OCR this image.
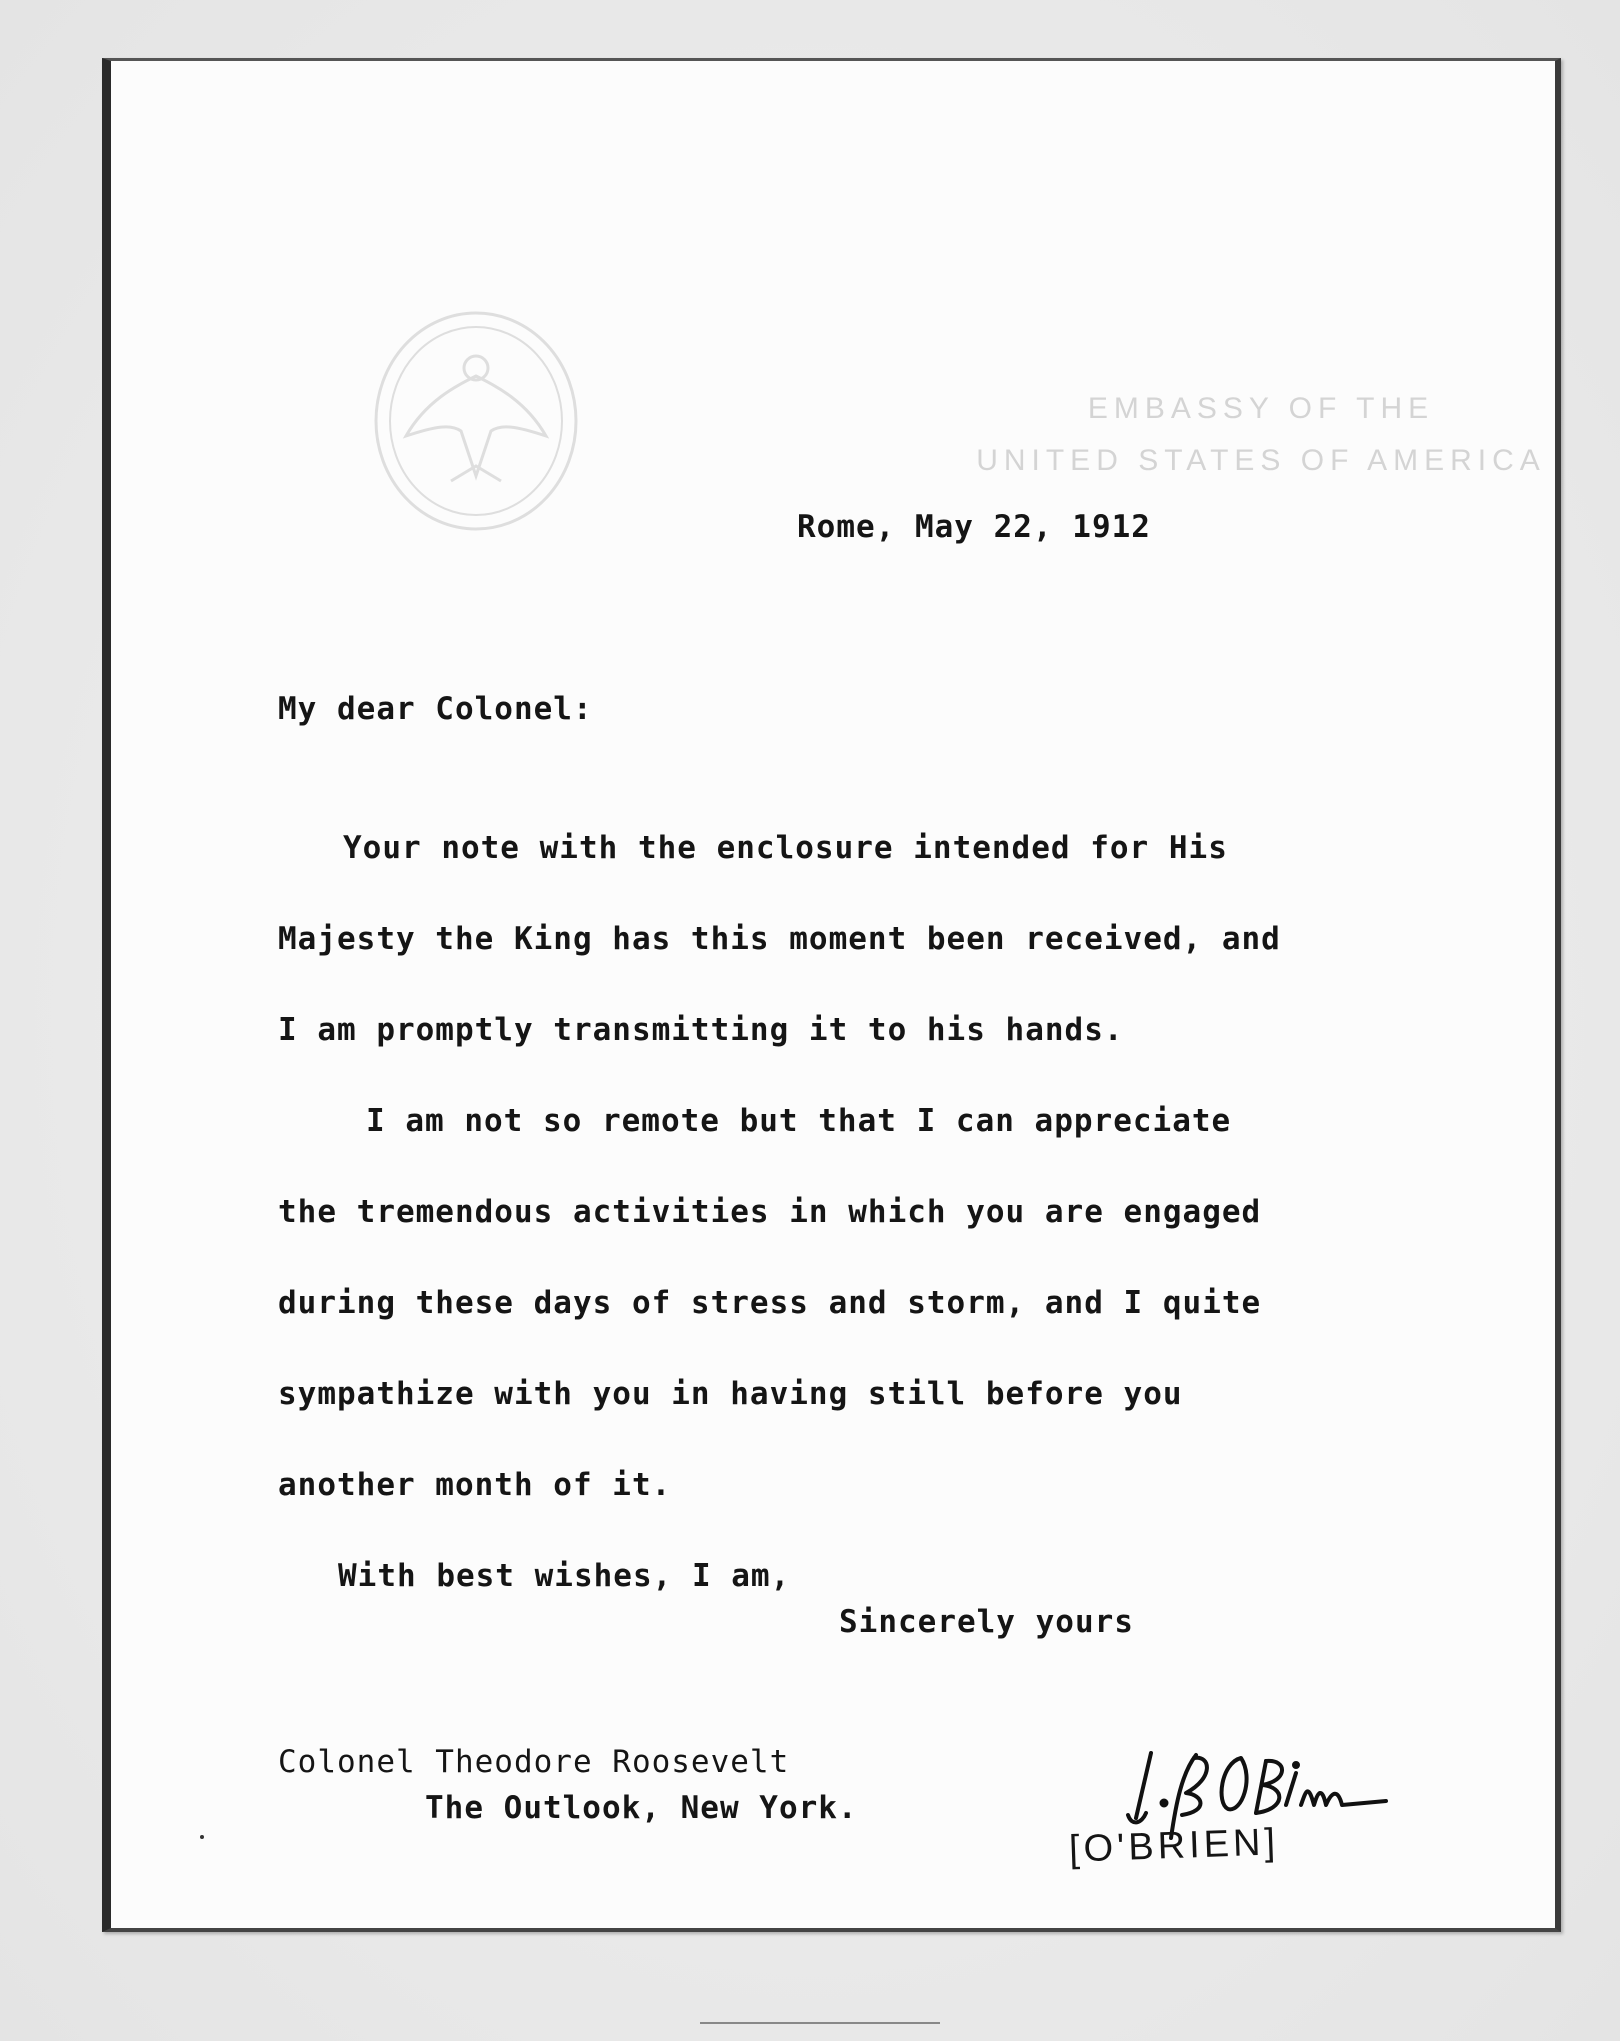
EMBASSY OF THE
UNITED STATES OF AMERICA
Rome, May 22, 1912
My dear Colonel:
Your note with the enclosure intended for His
Majesty the King has this moment been received, and
I am promptly transmitting it to his hands.
I am not so remote but that I can appreciate
the tremendous activities in which you are engaged
during these days of stress and storm, and I quite
sympathize with you in having still before you
another month of it.
With best wishes, I am,
Sincerely yours
Colonel Theodore Roosevelt
The Outlook, New York.
[O'BRIEN]
